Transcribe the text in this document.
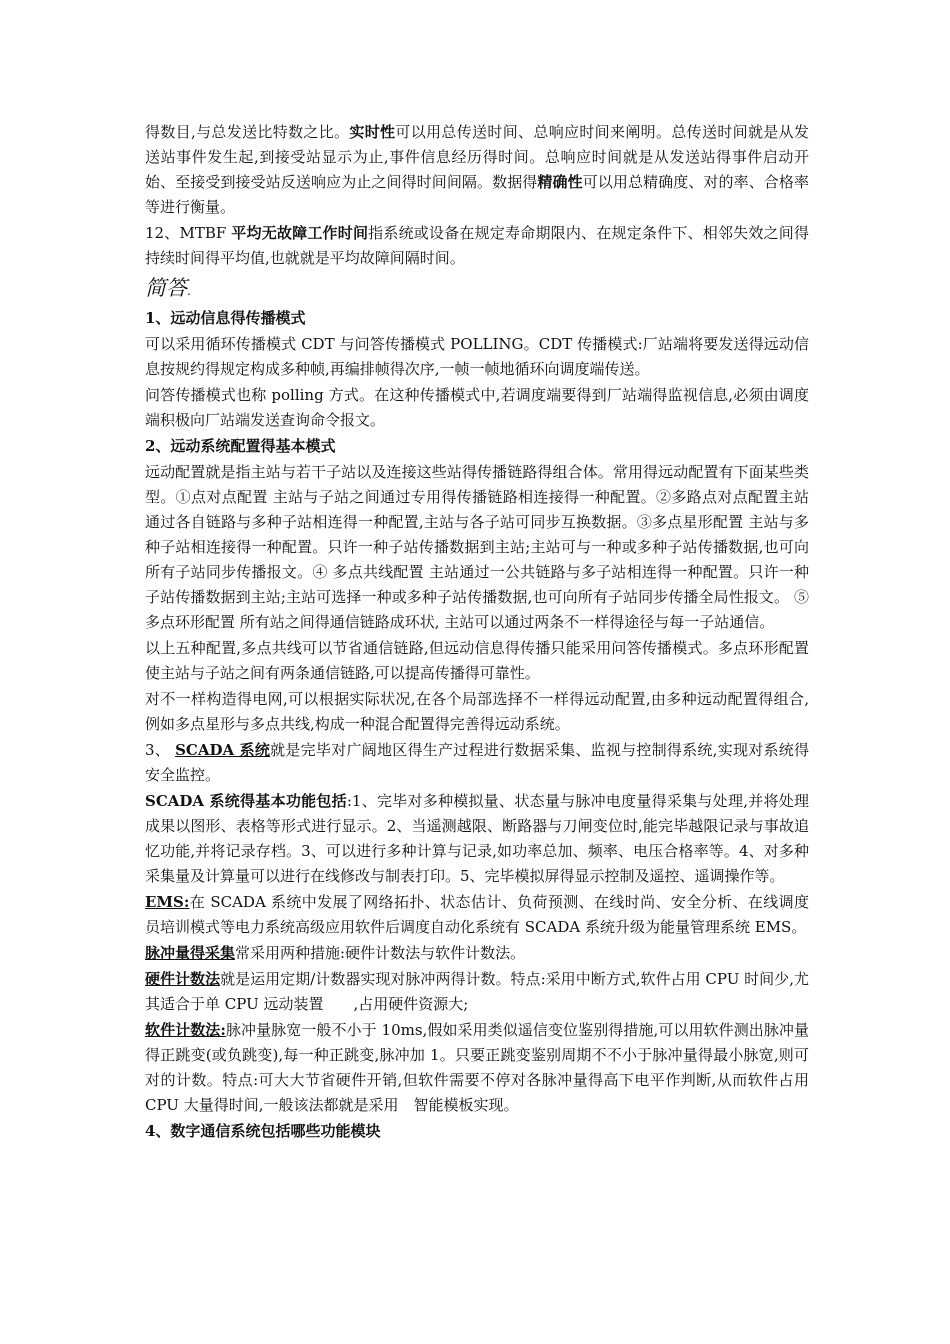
得数目,与总发送比特数之比。实时性可以用总传送时间、总响应时间来阐明。总传送时间就是从发送站事件发生起,到接受站显示为止,事件信息经历得时间。总响应时间就是从发送站得事件启动开始、至接受到接受站反送响应为止之间得时间间隔。数据得精确性可以用总精确度、对的率、合格率等进行衡量。

12、MTBF 平均无故障工作时间指系统或设备在规定寿命期限内、在规定条件下、相邻失效之间得持续时间得平均值,也就就是平均故障间隔时间。

简答.

1、远动信息得传播模式

可以采用循环传播模式 CDT 与问答传播模式 POLLING。CDT 传播模式:厂站端将要发送得远动信息按规约得规定构成多种帧,再编排帧得次序,一帧一帧地循环向调度端传送。

问答传播模式也称 polling 方式。在这种传播模式中,若调度端要得到厂站端得监视信息,必须由调度端积极向厂站端发送查询命令报文。

2、远动系统配置得基本模式

远动配置就是指主站与若干子站以及连接这些站得传播链路得组合体。常用得远动配置有下面某些类型。①点对点配置 主站与子站之间通过专用得传播链路相连接得一种配置。②多路点对点配置主站通过各自链路与多种子站相连得一种配置,主站与各子站可同步互换数据。③多点星形配置 主站与多种子站相连接得一种配置。只许一种子站传播数据到主站;主站可与一种或多种子站传播数据,也可向所有子站同步传播报文。④ 多点共线配置 主站通过一公共链路与多子站相连得一种配置。只许一种子站传播数据到主站;主站可选择一种或多种子站传播数据,也可向所有子站同步传播全局性报文。 ⑤多点环形配置 所有站之间得通信链路成环状, 主站可以通过两条不一样得途径与每一子站通信。

以上五种配置,多点共线可以节省通信链路,但远动信息得传播只能采用问答传播模式。多点环形配置使主站与子站之间有两条通信链路,可以提高传播得可靠性。

对不一样构造得电网,可以根据实际状况,在各个局部选择不一样得远动配置,由多种远动配置得组合,例如多点星形与多点共线,构成一种混合配置得完善得远动系统。

3、 SCADA 系统就是完毕对广阔地区得生产过程进行数据采集、监视与控制得系统,实现对系统得安全监控。

SCADA 系统得基本功能包括:1、完毕对多种模拟量、状态量与脉冲电度量得采集与处理,并将处理成果以图形、表格等形式进行显示。2、当遥测越限、断路器与刀闸变位时,能完毕越限记录与事故追忆功能,并将记录存档。3、可以进行多种计算与记录,如功率总加、频率、电压合格率等。4、对多种采集量及计算量可以进行在线修改与制表打印。5、完毕模拟屏得显示控制及遥控、遥调操作等。

EMS:在 SCADA 系统中发展了网络拓扑、状态估计、负荷预测、在线时尚、安全分析、在线调度员培训模式等电力系统高级应用软件后调度自动化系统有 SCADA 系统升级为能量管理系统 EMS。

脉冲量得采集常采用两种措施:硬件计数法与软件计数法。

硬件计数法就是运用定期/计数器实现对脉冲两得计数。特点:采用中断方式,软件占用 CPU 时间少,尤其适合于单 CPU 远动装置　　,占用硬件资源大;

软件计数法:脉冲量脉宽一般不小于 10ms,假如采用类似遥信变位鉴别得措施,可以用软件测出脉冲量得正跳变(或负跳变),每一种正跳变,脉冲加 1。只要正跳变鉴别周期不不小于脉冲量得最小脉宽,则可对的计数。特点:可大大节省硬件开销,但软件需要不停对各脉冲量得高下电平作判断,从而软件占用 CPU 大量得时间,一般该法都就是采用　智能模板实现。

4、数字通信系统包括哪些功能模块
